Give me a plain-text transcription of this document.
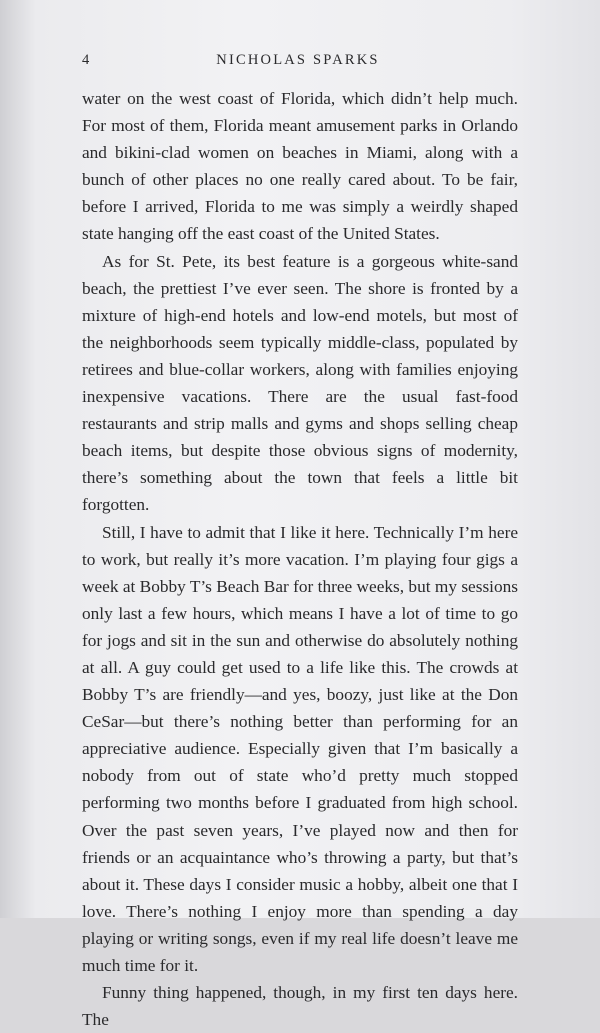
4	NICHOLAS SPARKS

water on the west coast of Florida, which didn’t help much. For most of them, Florida meant amusement parks in Orlando and bikini-clad women on beaches in Miami, along with a bunch of other places no one really cared about. To be fair, before I arrived, Florida to me was simply a weirdly shaped state hanging off the east coast of the United States.

As for St. Pete, its best feature is a gorgeous white-sand beach, the prettiest I’ve ever seen. The shore is fronted by a mixture of high-end hotels and low-end motels, but most of the neighborhoods seem typically middle-class, populated by retirees and blue-collar workers, along with families enjoying inexpensive vacations. There are the usual fast-food restaurants and strip malls and gyms and shops selling cheap beach items, but despite those obvious signs of modernity, there’s something about the town that feels a little bit forgotten.

Still, I have to admit that I like it here. Technically I’m here to work, but really it’s more vacation. I’m playing four gigs a week at Bobby T’s Beach Bar for three weeks, but my sessions only last a few hours, which means I have a lot of time to go for jogs and sit in the sun and otherwise do absolutely nothing at all. A guy could get used to a life like this. The crowds at Bobby T’s are friendly—and yes, boozy, just like at the Don CeSar—but there’s nothing better than performing for an appreciative audience. Especially given that I’m basically a nobody from out of state who’d pretty much stopped performing two months before I graduated from high school. Over the past seven years, I’ve played now and then for friends or an acquaintance who’s throwing a party, but that’s about it. These days I consider music a hobby, albeit one that I love. There’s nothing I enjoy more than spending a day playing or writing songs, even if my real life doesn’t leave me much time for it.

Funny thing happened, though, in my first ten days here. The
